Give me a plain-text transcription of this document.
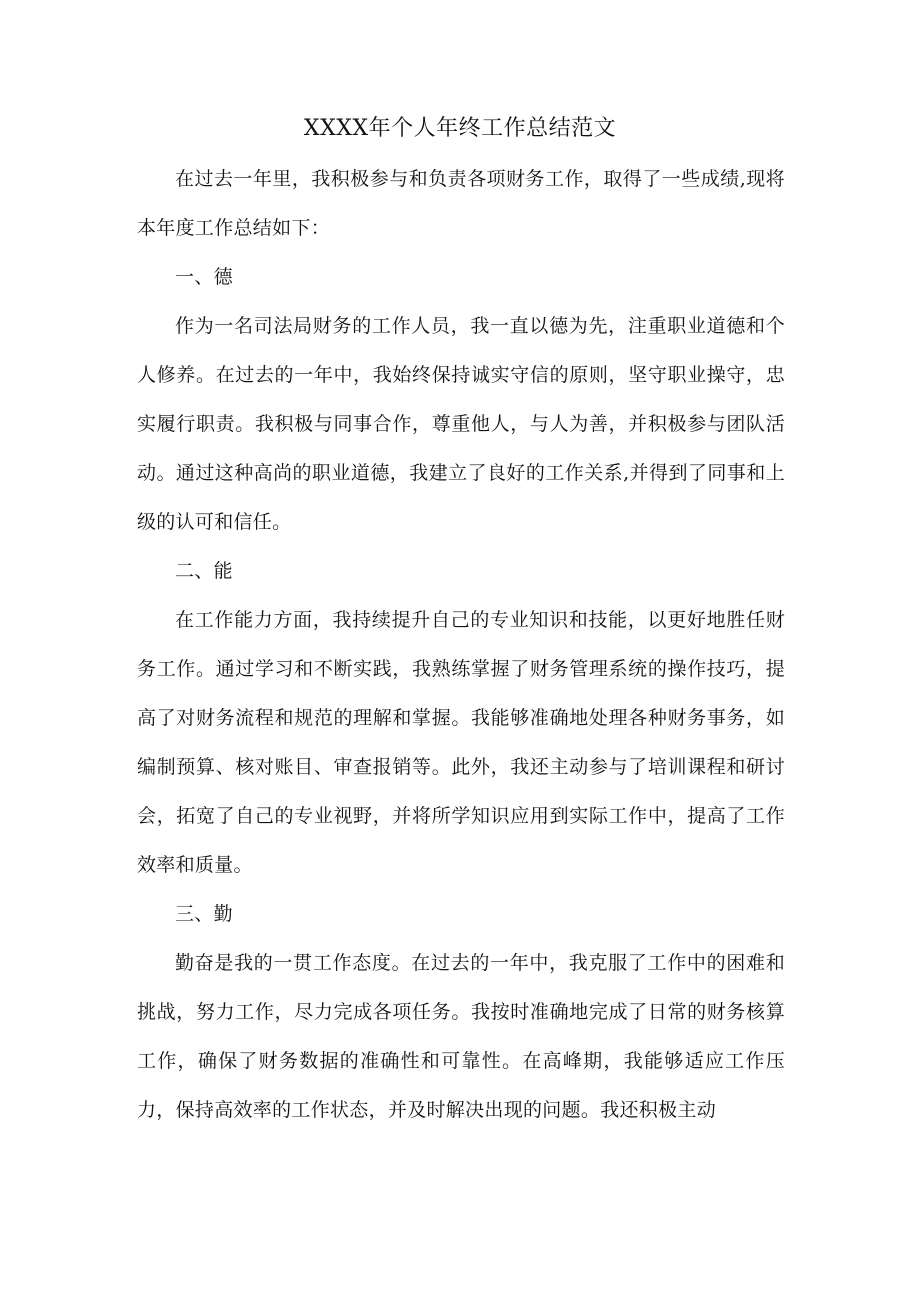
XXXX年个人年终工作总结范文

在过去一年里，我积极参与和负责各项财务工作，取得了一些成绩,现将本年度工作总结如下：

一、德

作为一名司法局财务的工作人员，我一直以德为先，注重职业道德和个人修养。在过去的一年中，我始终保持诚实守信的原则，坚守职业操守，忠实履行职责。我积极与同事合作，尊重他人，与人为善，并积极参与团队活动。通过这种高尚的职业道德，我建立了良好的工作关系,并得到了同事和上级的认可和信任。

二、能

在工作能力方面，我持续提升自己的专业知识和技能，以更好地胜任财务工作。通过学习和不断实践，我熟练掌握了财务管理系统的操作技巧，提高了对财务流程和规范的理解和掌握。我能够准确地处理各种财务事务，如编制预算、核对账目、审查报销等。此外，我还主动参与了培训课程和研讨会，拓宽了自己的专业视野，并将所学知识应用到实际工作中，提高了工作效率和质量。

三、勤

勤奋是我的一贯工作态度。在过去的一年中，我克服了工作中的困难和挑战，努力工作，尽力完成各项任务。我按时准确地完成了日常的财务核算工作，确保了财务数据的准确性和可靠性。在高峰期，我能够适应工作压力，保持高效率的工作状态，并及时解决出现的问题。我还积极主动
